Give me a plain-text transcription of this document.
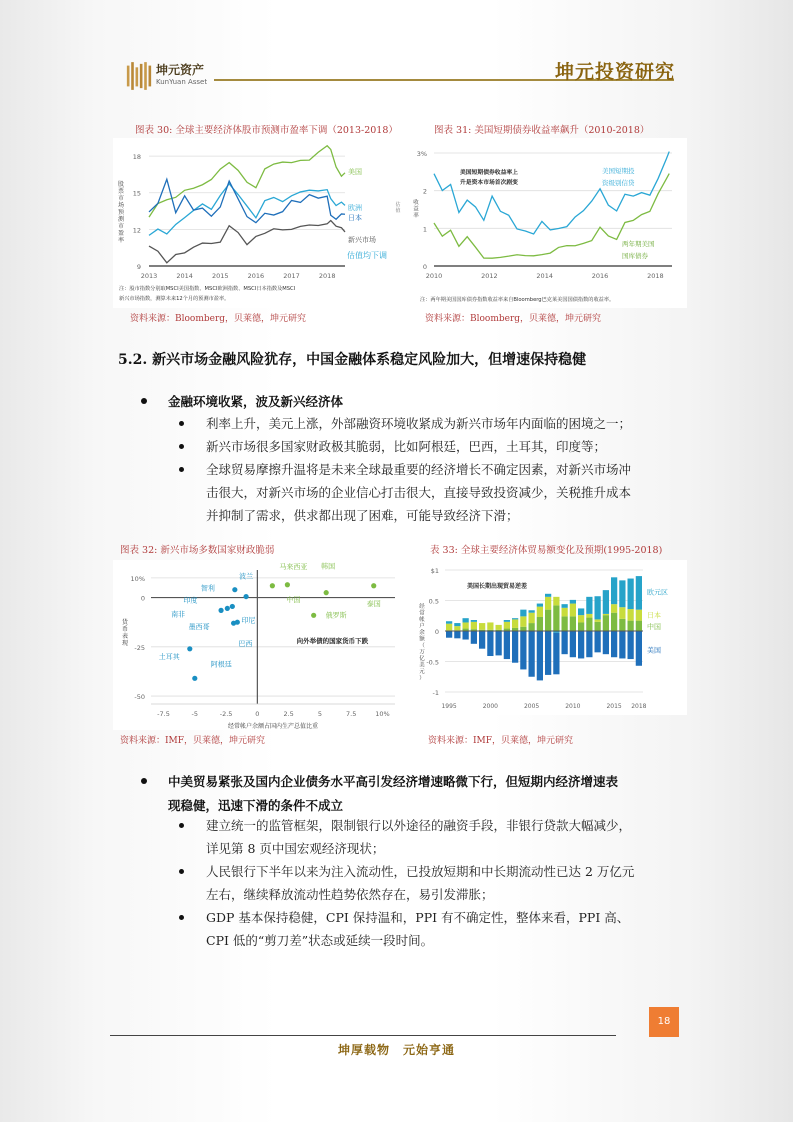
坤元资产
KunYuan Asset	坤元投资研究
图表 30: 全球主要经济体股市预测市盈率下调（2013-2018）	图表 31: 美国短期债券收益率飙升（2010-2018）
9
12
15
18
2013	2014	2015	2016	2017	2018
股票市场预测市盈率
美国
欧洲
日本
新兴市场
估值均下调
估值
注：股市指数分别取MSCI美国指数、MSCI欧洲指数、MSCI日本指数及MSCI
新兴市场指数，测算未来12个月的预测市盈率。
0
1
2
3%
2010	2012	2014	2016	2018
收益率
美国短期债券收益率上
升是资本市场首次剧变
美国短期投
资级别信贷
两年期美国
国库债券
注：两年期美国国库债券指数收益率来自Bloomberg巴克莱美国国债指数的收益率。
资料来源：Bloomberg，贝莱德，坤元研究	资料来源：Bloomberg，贝莱德，坤元研究
5.2. 新兴市场金融风险犹存，中国金融体系稳定风险加大，但增速保持稳健
金融环境收紧，波及新兴经济体
利率上升，美元上涨，外部融资环境收紧成为新兴市场年内面临的困境之一；
新兴市场很多国家财政极其脆弱，比如阿根廷，巴西，土耳其，印度等；
全球贸易摩擦升温将是未来全球最重要的经济增长不确定因素，对新兴市场冲
击很大，对新兴市场的企业信心打击很大，直接导致投资减少，关税推升成本
并抑制了需求，供求都出现了困难，可能导致经济下滑；
图表 32: 新兴市场多数国家财政脆弱	表 33: 全球主要经济体贸易额变化及预期(1995-2018)
-50
-25
0
10%
-7.5	-5	-2.5	0	2.5	5	7.5	10%
经常帐户余额占国内生产总值比重
货币表现	向外举债的国家货币下跌
波兰
智利
印度
南非
印尼
墨西哥
巴西
土耳其
阿根廷
马来西亚
中国
韩国
俄罗斯
泰国
-1
-0.5
0
0.5
$1
1995	2000	2005	2010	2015 2018
经常帐户余额（万亿美元）
美国长期出现贸易逆差
中国
日本
欧元区
美国
资料来源：IMF，贝莱德，坤元研究	资料来源：IMF，贝莱德，坤元研究
中美贸易紧张及国内企业债务水平高引发经济增速略微下行，但短期内经济增速表
现稳健，迅速下滑的条件不成立
建立统一的监管框架，限制银行以外途径的融资手段，非银行贷款大幅减少，
详见第 8 页中国宏观经济现状；
人民银行下半年以来为注入流动性，已投放短期和中长期流动性已达 2 万亿元
左右，继续释放流动性趋势依然存在，易引发滞胀；
GDP 基本保持稳健，CPI 保持温和，PPI 有不确定性，整体来看，PPI 高、
CPI 低的“剪刀差”状态或延续一段时间。
18
坤厚载物　元始亨通
